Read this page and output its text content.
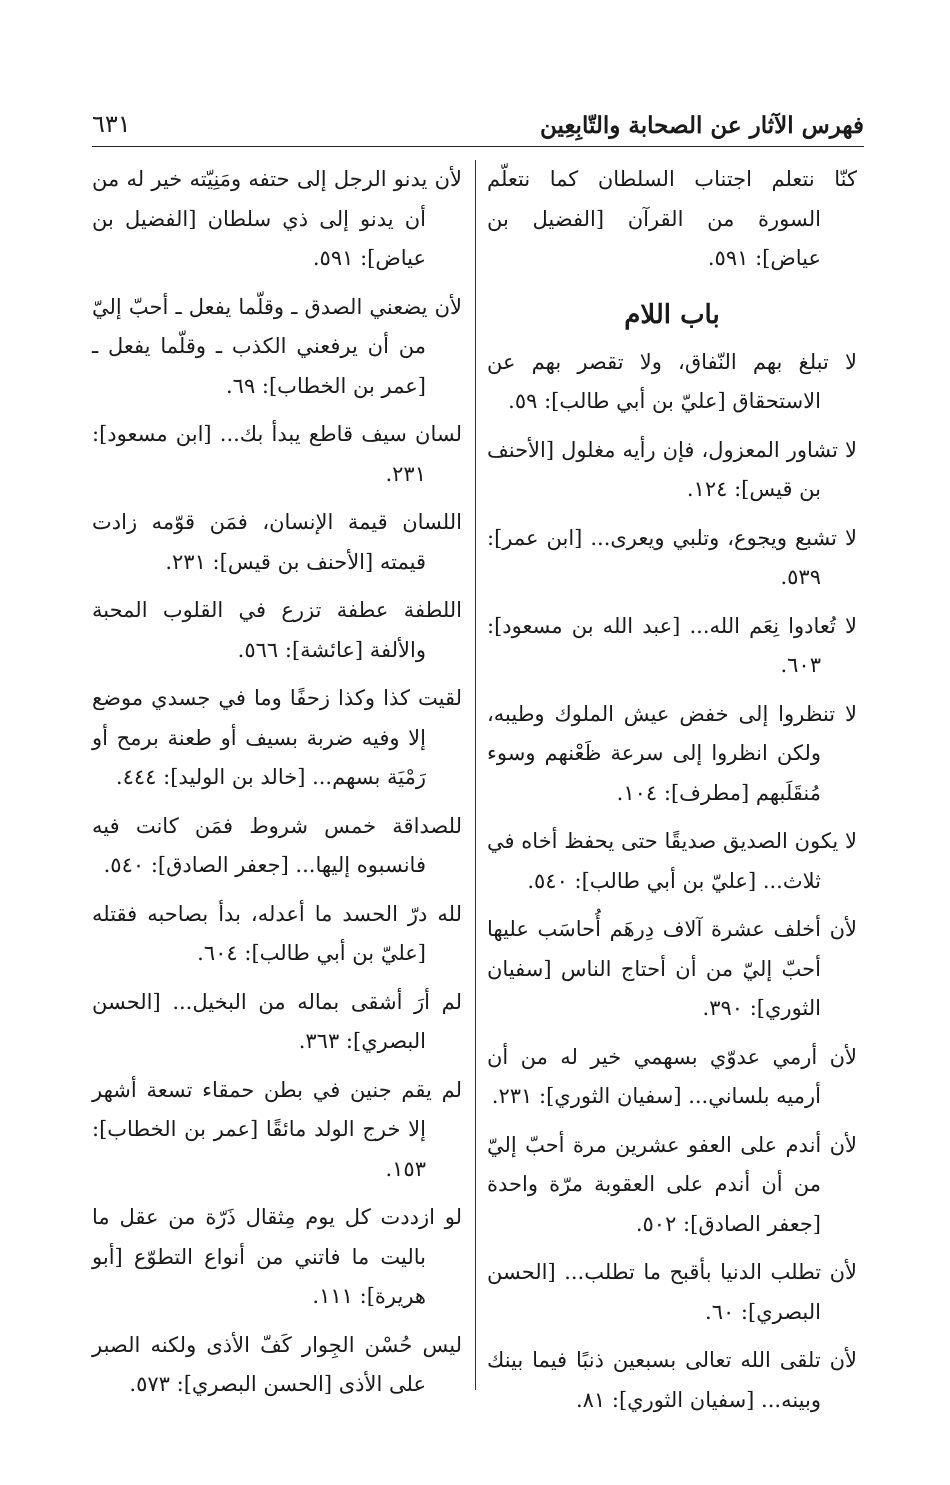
فهرس الآثار عن الصحابة والتّابِعِين
٦٣١

كنّا نتعلم اجتناب السلطان كما نتعلّم السورة من القرآن [الفضيل بن عياض]: ٥٩١.

باب اللام

لا تبلغ بهم النّفاق، ولا تقصر بهم عن الاستحقاق [عليّ بن أبي طالب]: ٥٩.

لا تشاور المعزول، فإن رأيه مغلول [الأحنف بن قيس]: ١٢٤.

لا تشبع ويجوع، وتلبي ويعرى... [ابن عمر]: ٥٣٩.

لا تُعادوا نِعَم الله... [عبد الله بن مسعود]: ٦٠٣.

لا تنظروا إلى خفض عيش الملوك وطيبه، ولكن انظروا إلى سرعة ظَعْنهم وسوء مُنقَلَبهم [مطرف]: ١٠٤.

لا يكون الصديق صديقًا حتى يحفظ أخاه في ثلاث... [عليّ بن أبي طالب]: ٥٤٠.

لأن أخلف عشرة آلاف دِرهَم أُحاسَب عليها أحبّ إليّ من أن أحتاج الناس [سفيان الثوري]: ٣٩٠.

لأن أرمي عدوّي بسهمي خير له من أن أرميه بلساني... [سفيان الثوري]: ٢٣١.

لأن أندم على العفو عشرين مرة أحبّ إليّ من أن أندم على العقوبة مرّة واحدة [جعفر الصادق]: ٥٠٢.

لأن تطلب الدنيا بأقبح ما تطلب... [الحسن البصري]: ٦٠.

لأن تلقى الله تعالى بسبعين ذنبًا فيما بينك وبينه... [سفيان الثوري]: ٨١.

لأن يدنو الرجل إلى حتفه ومَنِيّته خير له من أن يدنو إلى ذي سلطان [الفضيل بن عياض]: ٥٩١.

لأن يضعني الصدق ـ وقلّما يفعل ـ أحبّ إليّ من أن يرفعني الكذب ـ وقلّما يفعل ـ [عمر بن الخطاب]: ٦٩.

لسان سيف قاطع يبدأ بك... [ابن مسعود]: ٢٣١.

اللسان قيمة الإنسان، فمَن قوّمه زادت قيمته [الأحنف بن قيس]: ٢٣١.

اللطفة عطفة تزرع في القلوب المحبة والألفة [عائشة]: ٥٦٦.

لقيت كذا وكذا زحفًا وما في جسدي موضع إلا وفيه ضربة بسيف أو طعنة برمح أو رَمْيَة بسهم... [خالد بن الوليد]: ٤٤٤.

للصداقة خمس شروط فمَن كانت فيه فانسبوه إليها... [جعفر الصادق]: ٥٤٠.

لله درّ الحسد ما أعدله، بدأ بصاحبه فقتله [عليّ بن أبي طالب]: ٦٠٤.

لم أرَ أشقى بماله من البخيل... [الحسن البصري]: ٣٦٣.

لم يقم جنين في بطن حمقاء تسعة أشهر إلا خرج الولد مائقًا [عمر بن الخطاب]: ١٥٣.

لو ازددت كل يوم مِثقال ذَرّة من عقل ما باليت ما فاتني من أنواع التطوّع [أبو هريرة]: ١١١.

ليس حُسْن الجِوار كَفّ الأذى ولكنه الصبر على الأذى [الحسن البصري]: ٥٧٣.
